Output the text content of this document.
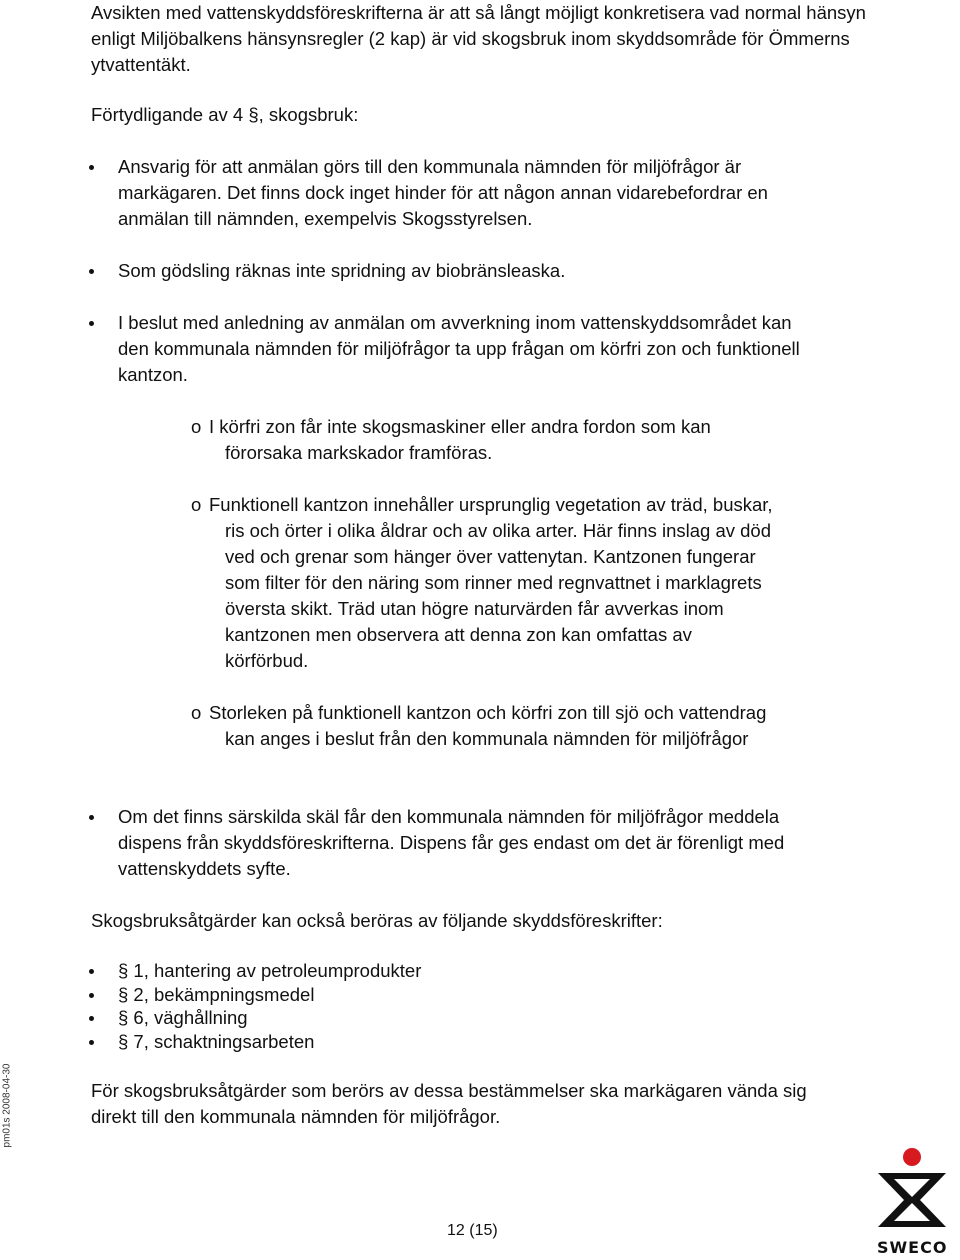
Avsikten med vattenskyddsföreskrifterna är att så långt möjligt konkretisera vad normal hänsyn enligt Miljöbalkens hänsynsregler (2 kap) är vid skogsbruk inom skyddsområde för Ömmerns ytvattentäkt.
Förtydligande av 4 §, skogsbruk:
Ansvarig för att anmälan görs till den kommunala nämnden för miljöfrågor är markägaren. Det finns dock inget hinder för att någon annan vidarebefordrar en anmälan till nämnden, exempelvis Skogsstyrelsen.
Som gödsling räknas inte spridning av biobränsleaska.
I beslut med anledning av anmälan om avverkning inom vattenskyddsområdet kan den kommunala nämnden för miljöfrågor ta upp frågan om körfri zon och funktionell kantzon.
o I körfri zon får inte skogsmaskiner eller andra fordon som kan förorsaka markskador framföras.
o Funktionell kantzon innehåller ursprunglig vegetation av träd, buskar, ris och örter i olika åldrar och av olika arter. Här finns inslag av död ved och grenar som hänger över vattenytan. Kantzonen fungerar som filter för den näring som rinner med regnvattnet i marklagrets översta skikt. Träd utan högre naturvärden får avverkas inom kantzonen men observera att denna zon kan omfattas av körförbud.
o Storleken på funktionell kantzon och körfri zon till sjö och vattendrag kan anges i beslut från den kommunala nämnden för miljöfrågor
Om det finns särskilda skäl får den kommunala nämnden för miljöfrågor meddela dispens från skyddsföreskrifterna. Dispens får ges endast om det är förenligt med vattenskyddets syfte.
Skogsbruksåtgärder kan också beröras av följande skyddsföreskrifter:
§ 1, hantering av petroleumprodukter
§ 2, bekämpningsmedel
§ 6, väghållning
§ 7, schaktningsarbeten
För skogsbruksåtgärder som berörs av dessa bestämmelser ska markägaren vända sig direkt till den kommunala nämnden för miljöfrågor.
pm01s 2008-04-30
12 (15)
SWECO
